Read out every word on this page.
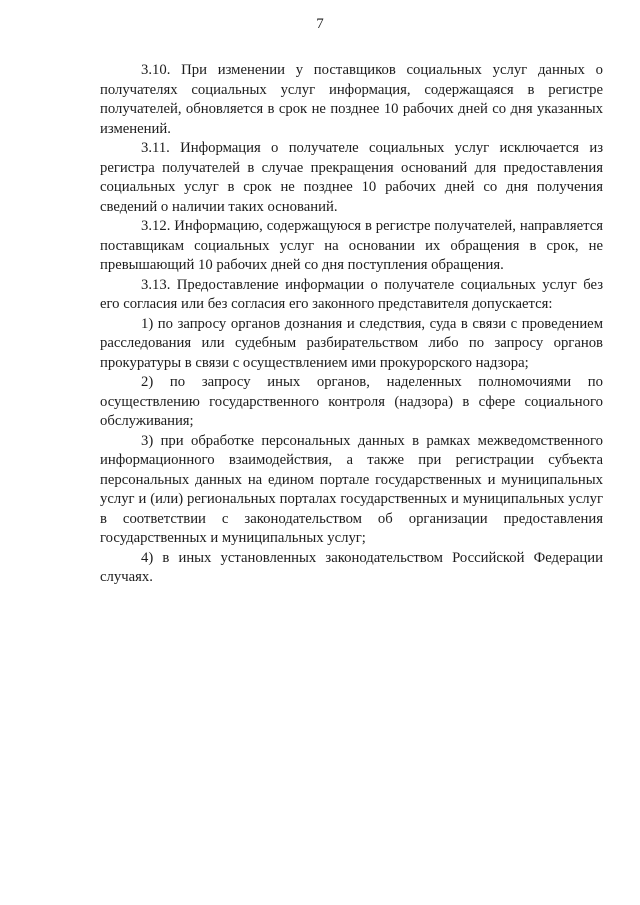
7

3.10. При изменении у поставщиков социальных услуг данных о получателях социальных услуг информация, содержащаяся в регистре получателей, обновляется в срок не позднее 10 рабочих дней со дня указанных изменений.

3.11. Информация о получателе социальных услуг исключается из регистра получателей в случае прекращения оснований для предоставления социальных услуг в срок не позднее 10 рабочих дней со дня получения сведений о наличии таких оснований.

3.12. Информацию, содержащуюся в регистре получателей, направляется поставщикам социальных услуг на основании их обращения в срок, не превышающий 10 рабочих дней со дня поступления обращения.

3.13. Предоставление информации о получателе социальных услуг без его согласия или без согласия его законного представителя допускается:

1) по запросу органов дознания и следствия, суда в связи с проведением расследования или судебным разбирательством либо по запросу органов прокуратуры в связи с осуществлением ими прокурорского надзора;

2) по запросу иных органов, наделенных полномочиями по осуществлению государственного контроля (надзора) в сфере социального обслуживания;

3) при обработке персональных данных в рамках межведомственного информационного взаимодействия, а также при регистрации субъекта персональных данных на едином портале государственных и муниципальных услуг и (или) региональных порталах государственных и муниципальных услуг в соответствии с законодательством об организации предоставления государственных и муниципальных услуг;

4) в иных установленных законодательством Российской Федерации случаях.
